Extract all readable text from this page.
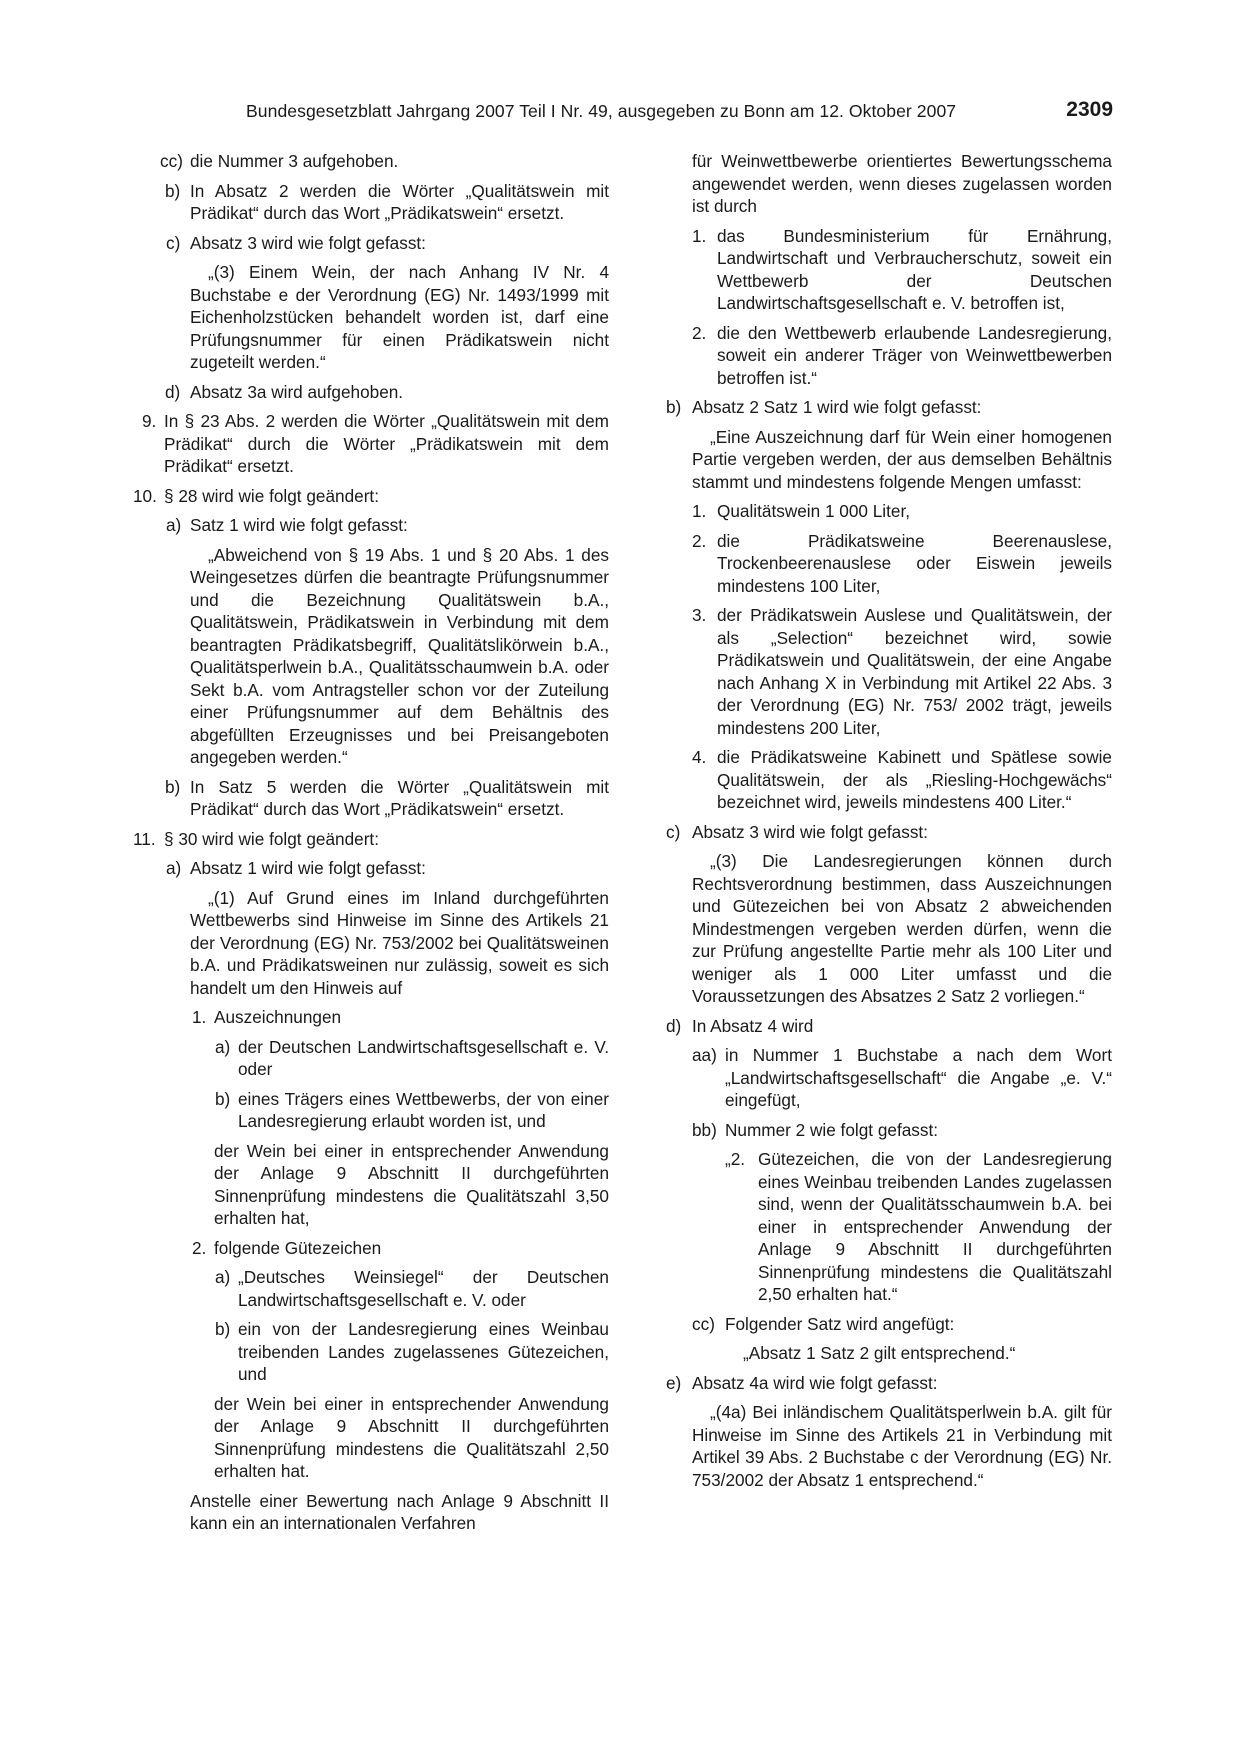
Bundesgesetzblatt Jahrgang 2007 Teil I Nr. 49, ausgegeben zu Bonn am 12. Oktober 2007	2309
cc) die Nummer 3 aufgehoben.
b) In Absatz 2 werden die Wörter „Qualitätswein mit Prädikat“ durch das Wort „Prädikatswein“ ersetzt.
c) Absatz 3 wird wie folgt gefasst:
„(3) Einem Wein, der nach Anhang IV Nr. 4 Buchstabe e der Verordnung (EG) Nr. 1493/1999 mit Eichenholzstücken behandelt worden ist, darf eine Prüfungsnummer für einen Prädikatswein nicht zugeteilt werden.“
d) Absatz 3a wird aufgehoben.
9. In § 23 Abs. 2 werden die Wörter „Qualitätswein mit dem Prädikat“ durch die Wörter „Prädikatswein mit dem Prädikat“ ersetzt.
10. § 28 wird wie folgt geändert:
a) Satz 1 wird wie folgt gefasst:
„Abweichend von § 19 Abs. 1 und § 20 Abs. 1 des Weingesetzes dürfen die beantragte Prüfungsnummer und die Bezeichnung Qualitätswein b.A., Qualitätswein, Prädikatswein in Verbindung mit dem beantragten Prädikatsbegriff, Qualitätslikörwein b.A., Qualitätsperlwein b.A., Qualitätsschaumwein b.A. oder Sekt b.A. vom Antragsteller schon vor der Zuteilung einer Prüfungsnummer auf dem Behältnis des abgefüllten Erzeugnisses und bei Preisangeboten angegeben werden.“
b) In Satz 5 werden die Wörter „Qualitätswein mit Prädikat“ durch das Wort „Prädikatswein“ ersetzt.
11. § 30 wird wie folgt geändert:
a) Absatz 1 wird wie folgt gefasst:
„(1) Auf Grund eines im Inland durchgeführten Wettbewerbs sind Hinweise im Sinne des Artikels 21 der Verordnung (EG) Nr. 753/2002 bei Qualitätsweinen b.A. und Prädikatsweinen nur zulässig, soweit es sich handelt um den Hinweis auf
1. Auszeichnungen
a) der Deutschen Landwirtschaftsgesellschaft e. V. oder
b) eines Trägers eines Wettbewerbs, der von einer Landesregierung erlaubt worden ist, und
der Wein bei einer in entsprechender Anwendung der Anlage 9 Abschnitt II durchgeführten Sinnenprüfung mindestens die Qualitätszahl 3,50 erhalten hat,
2. folgende Gütezeichen
a) „Deutsches Weinsiegel“ der Deutschen Landwirtschaftsgesellschaft e. V. oder
b) ein von der Landesregierung eines Weinbau treibenden Landes zugelassenes Gütezeichen, und
der Wein bei einer in entsprechender Anwendung der Anlage 9 Abschnitt II durchgeführten Sinnenprüfung mindestens die Qualitätszahl 2,50 erhalten hat.
Anstelle einer Bewertung nach Anlage 9 Abschnitt II kann ein an internationalen Verfahren
für Weinwettbewerbe orientiertes Bewertungsschema angewendet werden, wenn dieses zugelassen worden ist durch
1. das Bundesministerium für Ernährung, Landwirtschaft und Verbraucherschutz, soweit ein Wettbewerb der Deutschen Landwirtschaftsgesellschaft e. V. betroffen ist,
2. die den Wettbewerb erlaubende Landesregierung, soweit ein anderer Träger von Weinwettbewerben betroffen ist.“
b) Absatz 2 Satz 1 wird wie folgt gefasst:
„Eine Auszeichnung darf für Wein einer homogenen Partie vergeben werden, der aus demselben Behältnis stammt und mindestens folgende Mengen umfasst:
1. Qualitätswein 1 000 Liter,
2. die Prädikatsweine Beerenauslese, Trockenbeerenauslese oder Eiswein jeweils mindestens 100 Liter,
3. der Prädikatswein Auslese und Qualitätswein, der als „Selection“ bezeichnet wird, sowie Prädikatswein und Qualitätswein, der eine Angabe nach Anhang X in Verbindung mit Artikel 22 Abs. 3 der Verordnung (EG) Nr. 753/ 2002 trägt, jeweils mindestens 200 Liter,
4. die Prädikatsweine Kabinett und Spätlese sowie Qualitätswein, der als „Riesling-Hochgewächs“ bezeichnet wird, jeweils mindestens 400 Liter.“
c) Absatz 3 wird wie folgt gefasst:
„(3) Die Landesregierungen können durch Rechtsverordnung bestimmen, dass Auszeichnungen und Gütezeichen bei von Absatz 2 abweichenden Mindestmengen vergeben werden dürfen, wenn die zur Prüfung angestellte Partie mehr als 100 Liter und weniger als 1 000 Liter umfasst und die Voraussetzungen des Absatzes 2 Satz 2 vorliegen.“
d) In Absatz 4 wird
aa) in Nummer 1 Buchstabe a nach dem Wort „Landwirtschaftsgesellschaft“ die Angabe „e. V.“ eingefügt,
bb) Nummer 2 wie folgt gefasst:
„2. Gütezeichen, die von der Landesregierung eines Weinbau treibenden Landes zugelassen sind, wenn der Qualitätsschaumwein b.A. bei einer in entsprechender Anwendung der Anlage 9 Abschnitt II durchgeführten Sinnenprüfung mindestens die Qualitätszahl 2,50 erhalten hat.“
cc) Folgender Satz wird angefügt:
„Absatz 1 Satz 2 gilt entsprechend.“
e) Absatz 4a wird wie folgt gefasst:
„(4a) Bei inländischem Qualitätsperlwein b.A. gilt für Hinweise im Sinne des Artikels 21 in Verbindung mit Artikel 39 Abs. 2 Buchstabe c der Verordnung (EG) Nr. 753/2002 der Absatz 1 entsprechend.“
